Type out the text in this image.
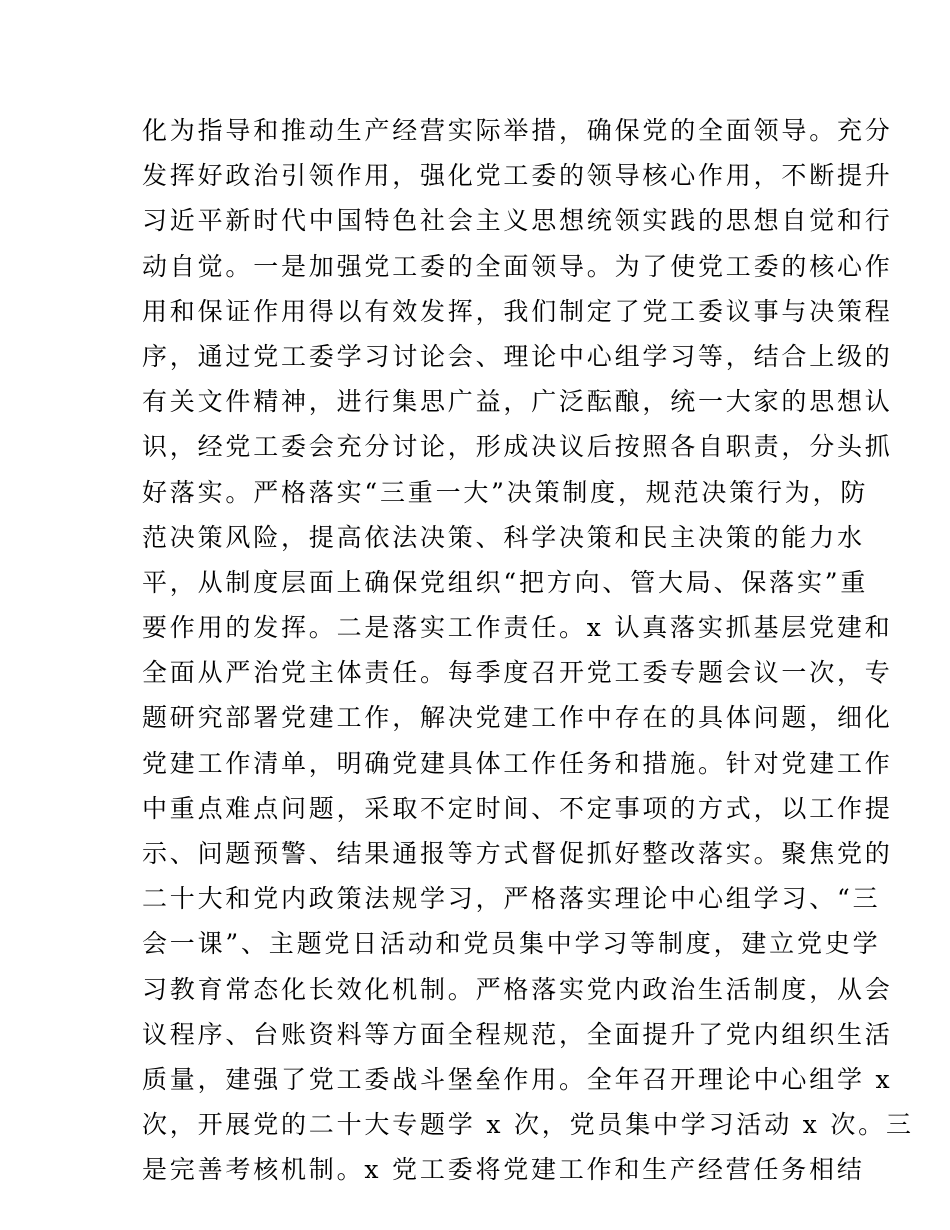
化为指导和推动生产经营实际举措，确保党的全面领导。充分
发挥好政治引领作用，强化党工委的领导核心作用，不断提升
习近平新时代中国特色社会主义思想统领实践的思想自觉和行
动自觉。一是加强党工委的全面领导。为了使党工委的核心作
用和保证作用得以有效发挥，我们制定了党工委议事与决策程
序，通过党工委学习讨论会、理论中心组学习等，结合上级的
有关文件精神，进行集思广益，广泛酝酿，统一大家的思想认
识，经党工委会充分讨论，形成决议后按照各自职责，分头抓
好落实。严格落实“三重一大”决策制度，规范决策行为，防
范决策风险，提高依法决策、科学决策和民主决策的能力水
平，从制度层面上确保党组织“把方向、管大局、保落实”重
要作用的发挥。二是落实工作责任。x 认真落实抓基层党建和
全面从严治党主体责任。每季度召开党工委专题会议一次，专
题研究部署党建工作，解决党建工作中存在的具体问题，细化
党建工作清单，明确党建具体工作任务和措施。针对党建工作
中重点难点问题，采取不定时间、不定事项的方式，以工作提
示、问题预警、结果通报等方式督促抓好整改落实。聚焦党的
二十大和党内政策法规学习，严格落实理论中心组学习、“三
会一课”、主题党日活动和党员集中学习等制度，建立党史学
习教育常态化长效化机制。严格落实党内政治生活制度，从会
议程序、台账资料等方面全程规范，全面提升了党内组织生活
质量，建强了党工委战斗堡垒作用。全年召开理论中心组学 x
次，开展党的二十大专题学 x 次，党员集中学习活动 x 次。三
是完善考核机制。x 党工委将党建工作和生产经营任务相结
